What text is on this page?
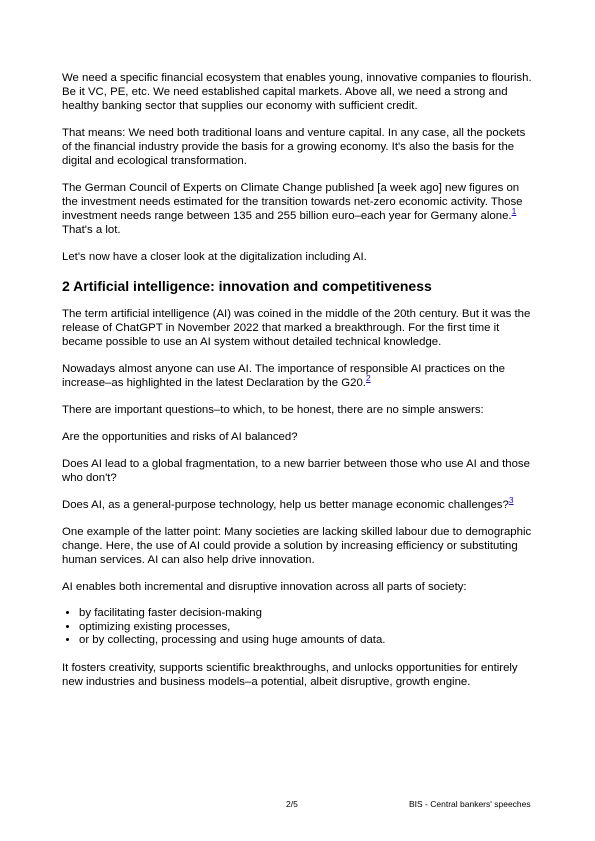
We need a specific financial ecosystem that enables young, innovative companies to flourish. Be it VC, PE, etc. We need established capital markets. Above all, we need a strong and healthy banking sector that supplies our economy with sufficient credit.

That means: We need both traditional loans and venture capital. In any case, all the pockets of the financial industry provide the basis for a growing economy. It's also the basis for the digital and ecological transformation.

The German Council of Experts on Climate Change published [a week ago] new figures on the investment needs estimated for the transition towards net-zero economic activity. Those investment needs range between 135 and 255 billion euro–each year for Germany alone.$^1$ That's a lot.

Let's now have a closer look at the digitalization including AI.

2 Artificial intelligence: innovation and competitiveness

The term artificial intelligence (AI) was coined in the middle of the 20th century. But it was the release of ChatGPT in November 2022 that marked a breakthrough. For the first time it became possible to use an AI system without detailed technical knowledge.

Nowadays almost anyone can use AI. The importance of responsible AI practices on the increase–as highlighted in the latest Declaration by the G20.$^2$

There are important questions–to which, to be honest, there are no simple answers:

Are the opportunities and risks of AI balanced?

Does AI lead to a global fragmentation, to a new barrier between those who use AI and those who don't?

Does AI, as a general-purpose technology, help us better manage economic challenges?$^3$

One example of the latter point: Many societies are lacking skilled labour due to demographic change. Here, the use of AI could provide a solution by increasing efficiency or substituting human services. AI can also help drive innovation.

AI enables both incremental and disruptive innovation across all parts of society:

• by facilitating faster decision-making
• optimizing existing processes,
• or by collecting, processing and using huge amounts of data.

It fosters creativity, supports scientific breakthroughs, and unlocks opportunities for entirely new industries and business models–a potential, albeit disruptive, growth engine.

2/5	BIS - Central bankers' speeches
